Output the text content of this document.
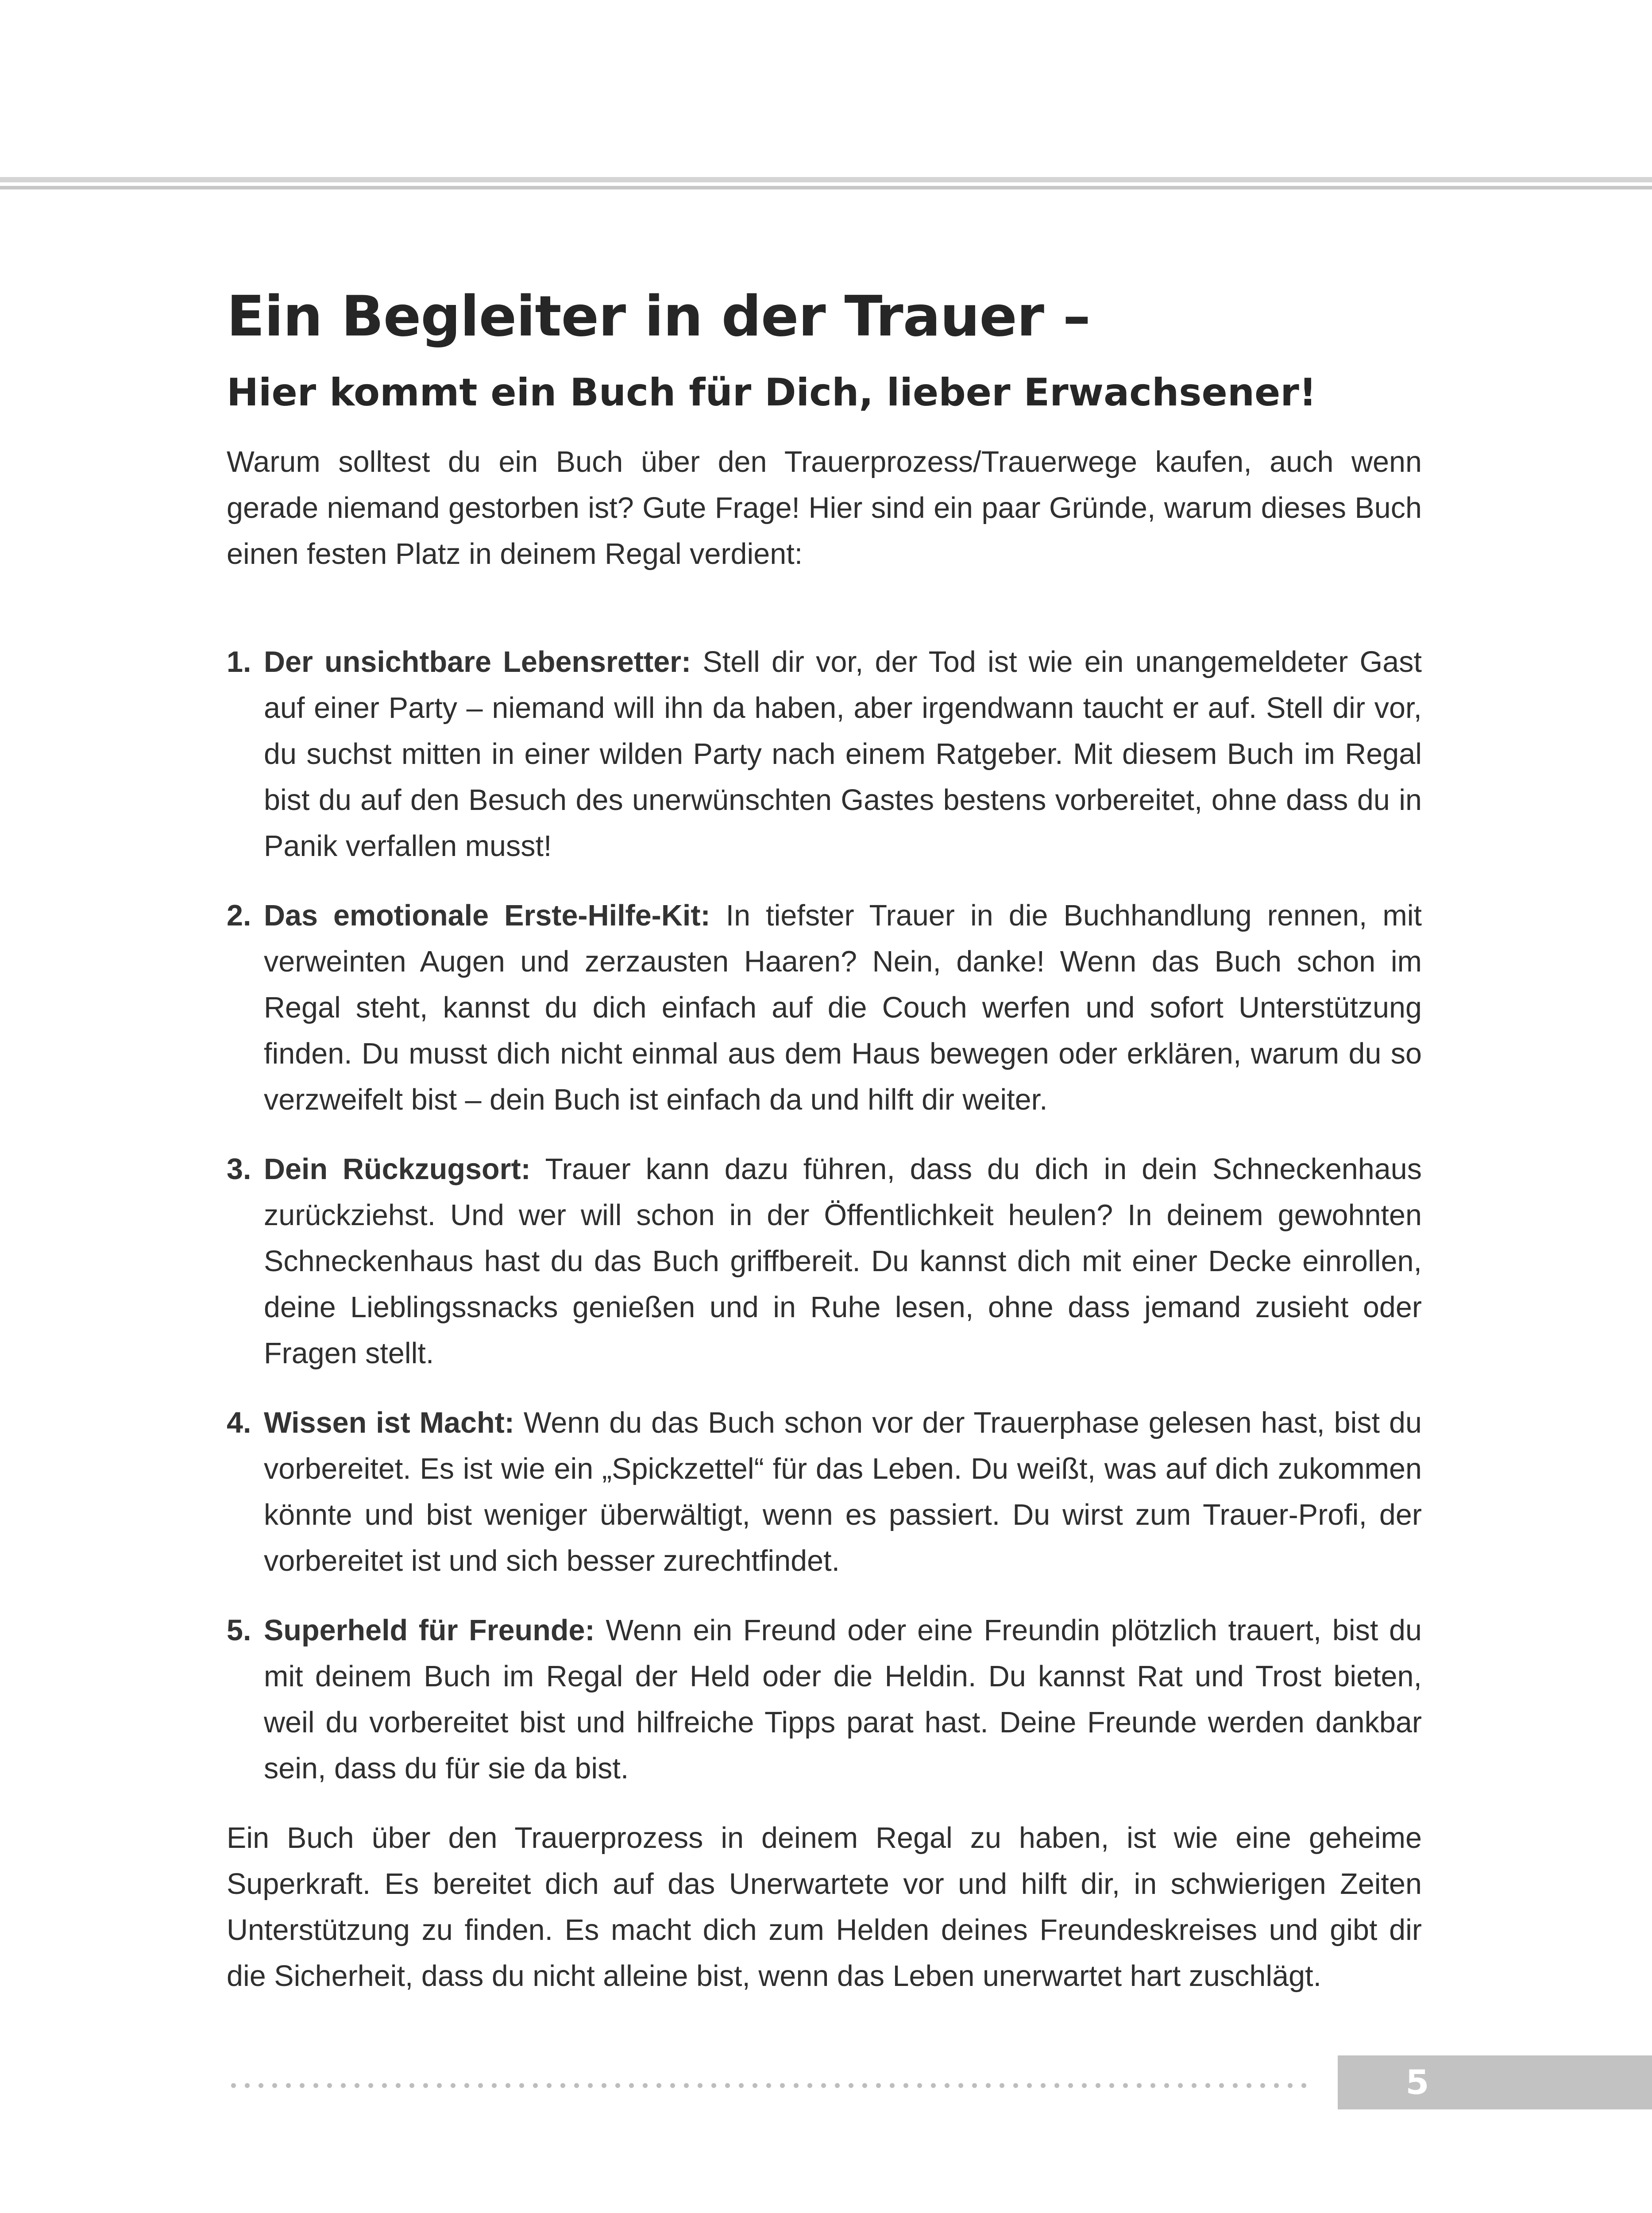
Ein Begleiter in der Trauer –
Hier kommt ein Buch für Dich, lieber Erwachsener!

Warum solltest du ein Buch über den Trauerprozess/Trauerwege kaufen, auch wenn gerade niemand gestorben ist? Gute Frage! Hier sind ein paar Gründe, warum dieses Buch einen festen Platz in deinem Regal verdient:

1. Der unsichtbare Lebensretter: Stell dir vor, der Tod ist wie ein unangemeldeter Gast auf einer Party – niemand will ihn da haben, aber irgendwann taucht er auf. Stell dir vor, du suchst mitten in einer wilden Party nach einem Ratgeber. Mit diesem Buch im Regal bist du auf den Besuch des unerwünschten Gastes bestens vorbereitet, ohne dass du in Panik verfallen musst!
2. Das emotionale Erste-Hilfe-Kit: In tiefster Trauer in die Buchhandlung rennen, mit verweinten Augen und zerzausten Haaren? Nein, danke! Wenn das Buch schon im Regal steht, kannst du dich einfach auf die Couch werfen und sofort Unterstützung finden. Du musst dich nicht einmal aus dem Haus bewegen oder erklären, warum du so verzweifelt bist – dein Buch ist einfach da und hilft dir weiter.
3. Dein Rückzugsort: Trauer kann dazu führen, dass du dich in dein Schneckenhaus zurückziehst. Und wer will schon in der Öffentlichkeit heulen? In deinem gewohnten Schneckenhaus hast du das Buch griffbereit. Du kannst dich mit einer Decke einrollen, deine Lieblingssnacks genießen und in Ruhe lesen, ohne dass jemand zusieht oder Fragen stellt.
4. Wissen ist Macht: Wenn du das Buch schon vor der Trauerphase gelesen hast, bist du vorbereitet. Es ist wie ein „Spickzettel“ für das Leben. Du weißt, was auf dich zukommen könnte und bist weniger überwältigt, wenn es passiert. Du wirst zum Trauer-Profi, der vorbereitet ist und sich besser zurechtfindet.
5. Superheld für Freunde: Wenn ein Freund oder eine Freundin plötzlich trauert, bist du mit deinem Buch im Regal der Held oder die Heldin. Du kannst Rat und Trost bieten, weil du vorbereitet bist und hilfreiche Tipps parat hast. Deine Freunde werden dankbar sein, dass du für sie da bist.

Ein Buch über den Trauerprozess in deinem Regal zu haben, ist wie eine geheime Superkraft. Es bereitet dich auf das Unerwartete vor und hilft dir, in schwierigen Zeiten Unterstützung zu finden. Es macht dich zum Helden deines Freundeskreises und gibt dir die Sicherheit, dass du nicht alleine bist, wenn das Leben unerwartet hart zuschlägt.

5
